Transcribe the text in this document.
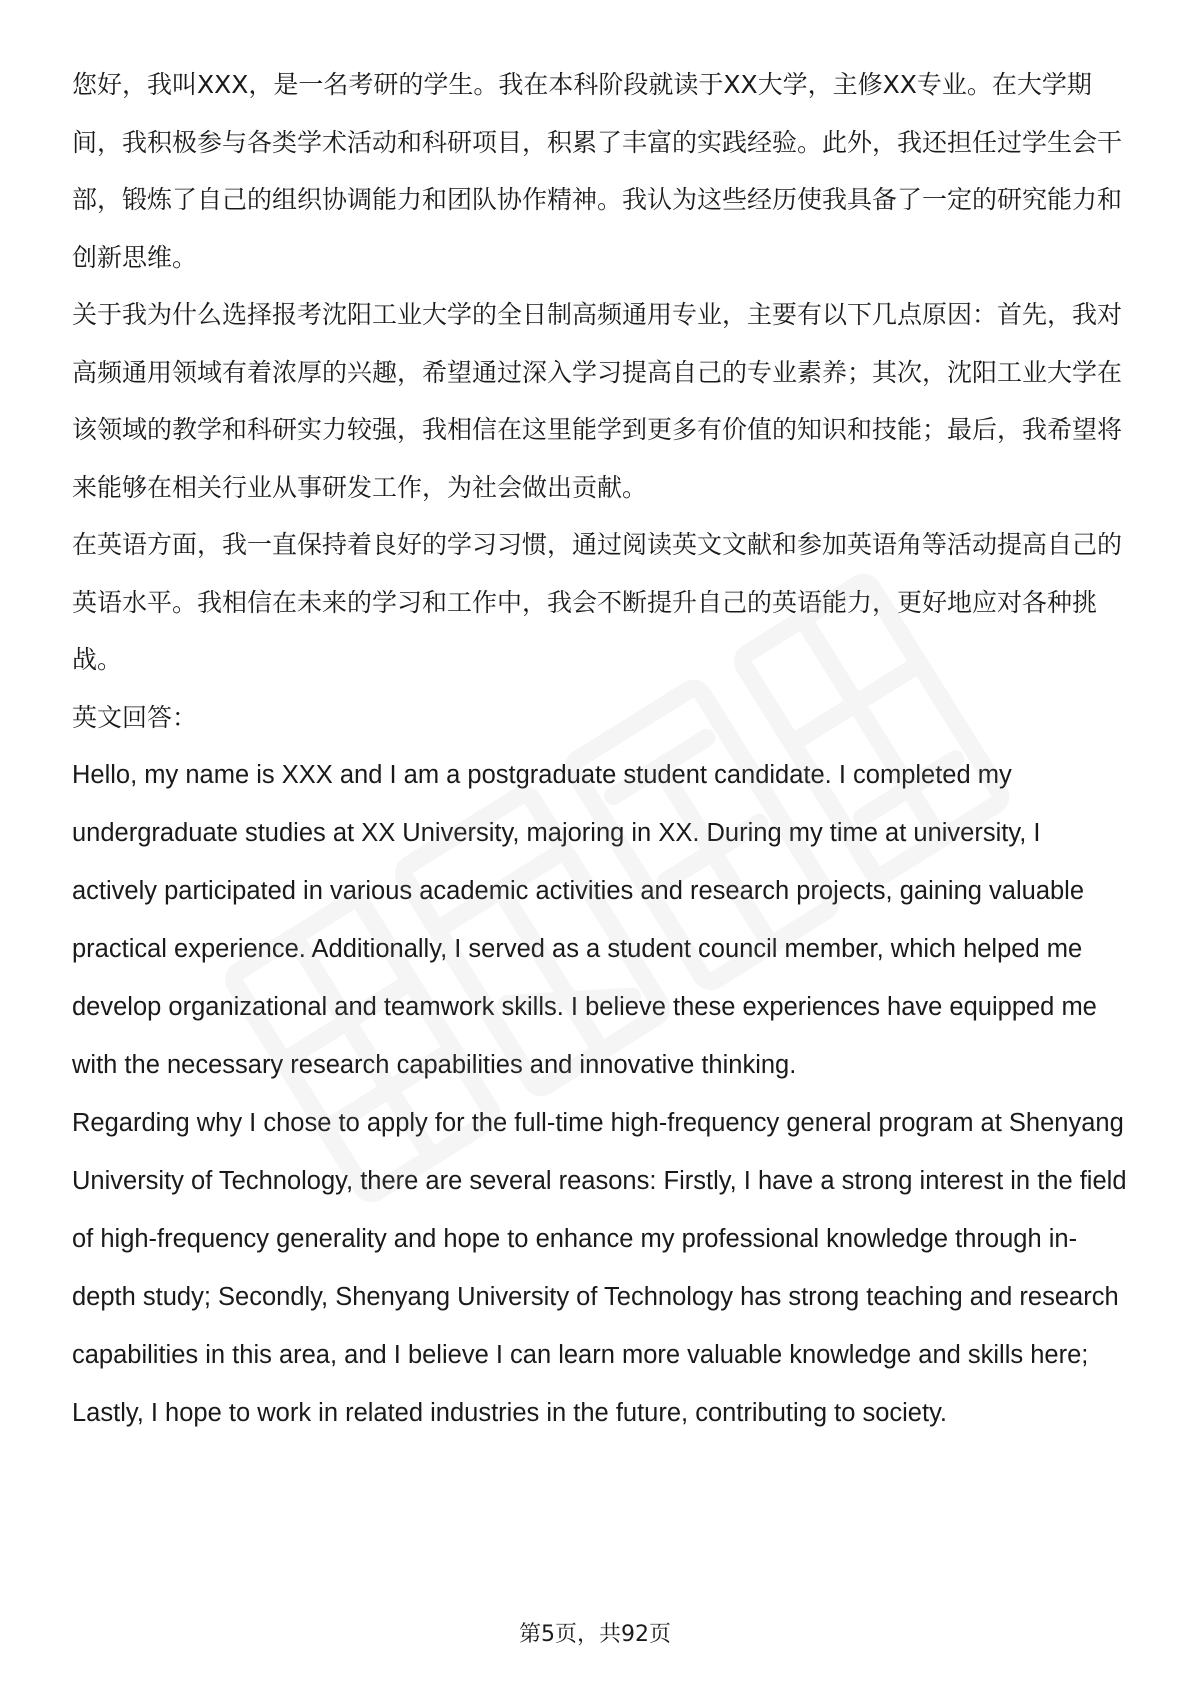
您好，我叫XXX，是一名考研的学生。我在本科阶段就读于XX大学，主修XX专业。在大学期间，我积极参与各类学术活动和科研项目，积累了丰富的实践经验。此外，我还担任过学生会干部，锻炼了自己的组织协调能力和团队协作精神。我认为这些经历使我具备了一定的研究能力和创新思维。

关于我为什么选择报考沈阳工业大学的全日制高频通用专业，主要有以下几点原因：首先，我对高频通用领域有着浓厚的兴趣，希望通过深入学习提高自己的专业素养；其次，沈阳工业大学在该领域的教学和科研实力较强，我相信在这里能学到更多有价值的知识和技能；最后，我希望将来能够在相关行业从事研发工作，为社会做出贡献。

在英语方面，我一直保持着良好的学习习惯，通过阅读英文文献和参加英语角等活动提高自己的英语水平。我相信在未来的学习和工作中，我会不断提升自己的英语能力，更好地应对各种挑战。

英文回答：

Hello, my name is XXX and I am a postgraduate student candidate. I completed my undergraduate studies at XX University, majoring in XX. During my time at university, I actively participated in various academic activities and research projects, gaining valuable practical experience. Additionally, I served as a student council member, which helped me develop organizational and teamwork skills. I believe these experiences have equipped me with the necessary research capabilities and innovative thinking.

Regarding why I chose to apply for the full-time high-frequency general program at Shenyang University of Technology, there are several reasons: Firstly, I have a strong interest in the field of high-frequency generality and hope to enhance my professional knowledge through in-depth study; Secondly, Shenyang University of Technology has strong teaching and research capabilities in this area, and I believe I can learn more valuable knowledge and skills here; Lastly, I hope to work in related industries in the future, contributing to society.

第5页，共92页
